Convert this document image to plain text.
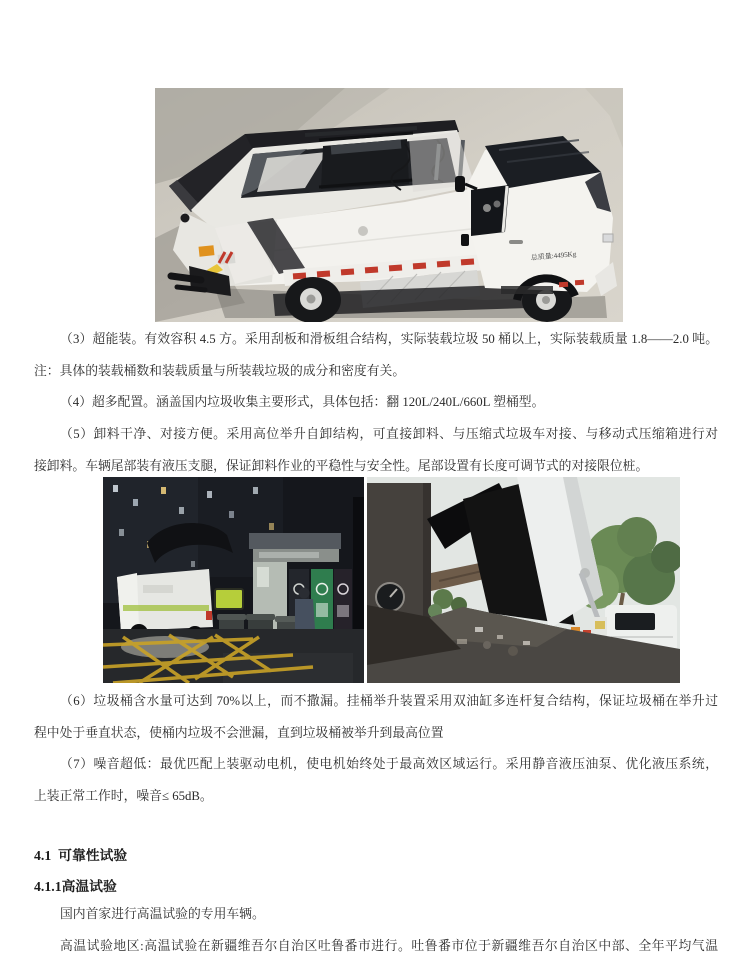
总质量:4495Kg
（3）超能装。有效容积 4.5 方。采用刮板和滑板组合结构，实际装载垃圾 50 桶以上，实际装载质量 1.8——2.0 吨。
注：具体的装载桶数和装载质量与所装载垃圾的成分和密度有关。
（4）超多配置。涵盖国内垃圾收集主要形式，具体包括：翻 120L/240L/660L 塑桶型。
（5）卸料干净、对接方便。采用高位举升自卸结构，可直接卸料、与压缩式垃圾车对接、与移动式压缩箱进行对
接卸料。车辆尾部装有液压支腿，保证卸料作业的平稳性与安全性。尾部设置有长度可调节式的对接限位桩。
（6）垃圾桶含水量可达到 70%以上，而不撒漏。挂桶举升装置采用双油缸多连杆复合结构，保证垃圾桶在举升过
程中处于垂直状态，使桶内垃圾不会泄漏，直到垃圾桶被举升到最高位置
（7）噪音超低：最优匹配上装驱动电机，使电机始终处于最高效区域运行。采用静音液压油泵、优化液压系统，
上装正常工作时，噪音≤ 65dB。
4.1  可靠性试验
4.1.1高温试验
国内首家进行高温试验的专用车辆。
高温试验地区:高温试验在新疆维吾尔自治区吐鲁番市进行。吐鲁番市位于新疆维吾尔自治区中部、全年平均气温
